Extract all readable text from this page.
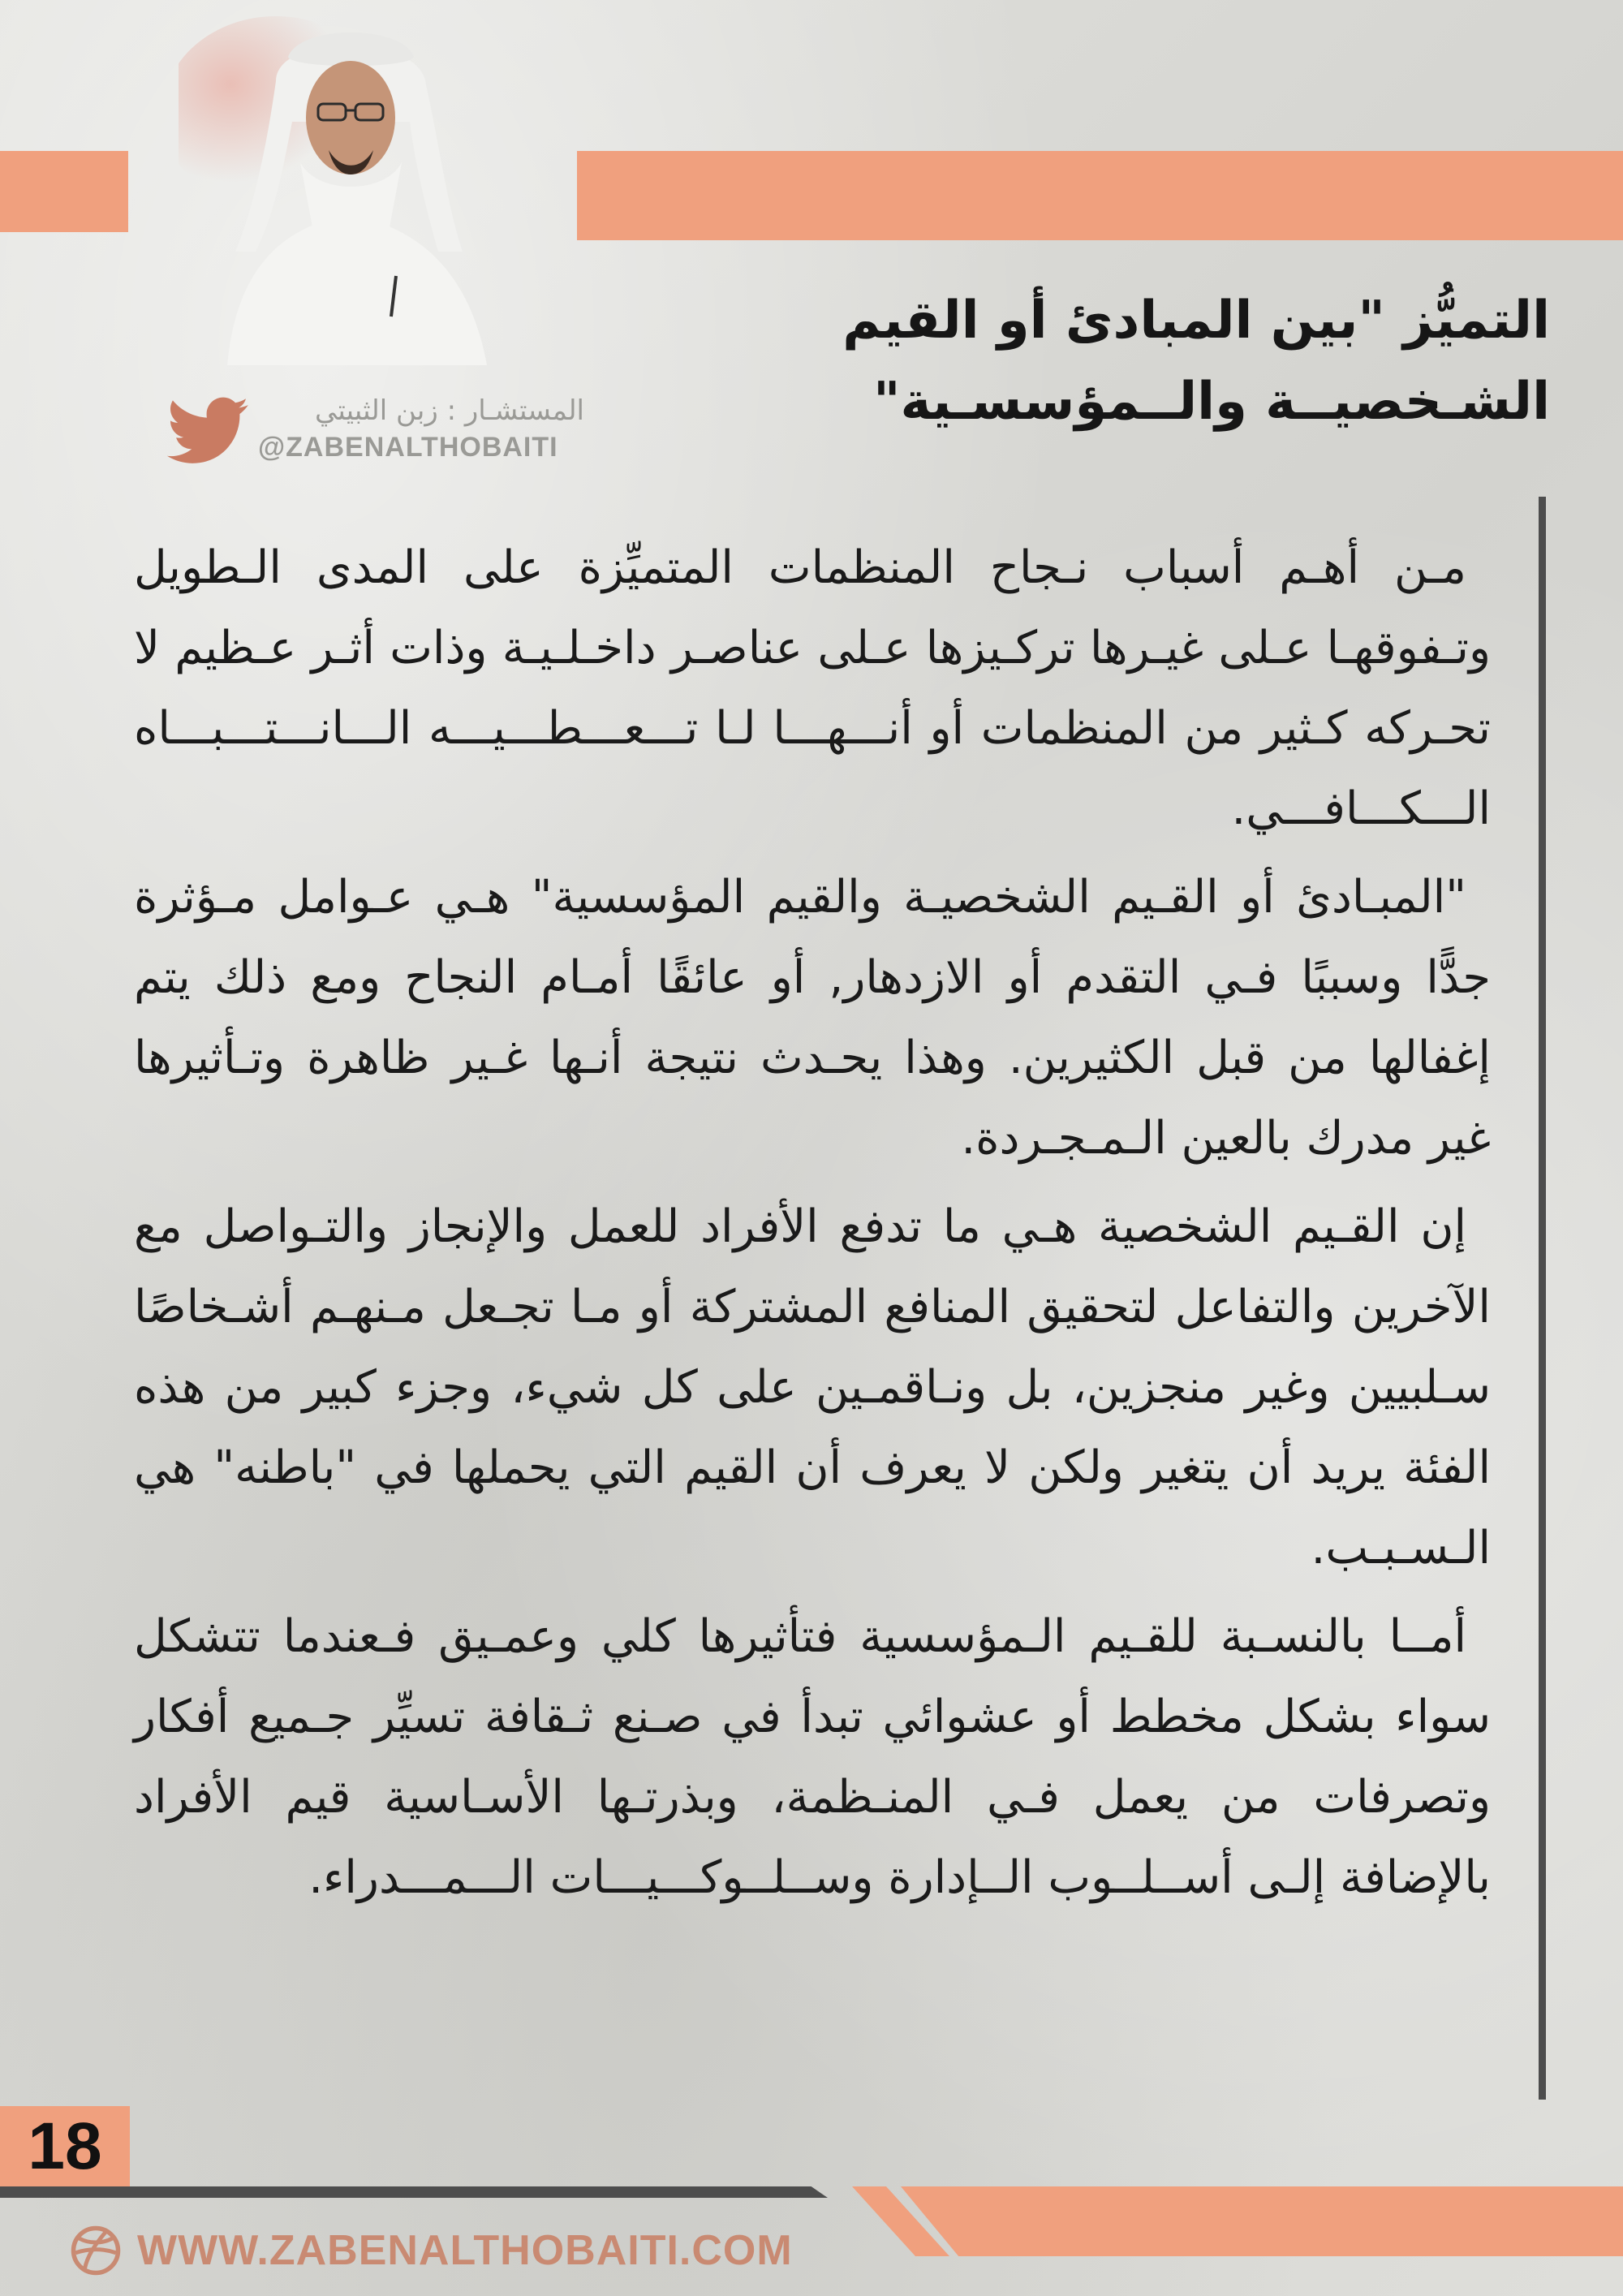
المستشـار : زبن الثبيتي
@ZABENALTHOBAITI
التميُّز "بين المبادئ أو القيم
الشـخصيــة والــمؤسسـية"

مـن أهـم أسباب نـجاح المنظمات المتميِّزة على المدى الـطويل وتـفوقهـا عـلى غيـرها تركـيزها عـلى عناصـر داخـلـيـة وذات أثـر عـظيم لا تحـركه كـثير من المنظمات أو أنـــهـــا لـا تـــعـــطـــيـــه الـــانـــتـــبـــاه الـــكـــافـــي.

"المبـادئ أو القـيم الشخصيـة والقيم المؤسسية" هـي عـوامل مـؤثرة جدًّا وسببًا فـي التقدم أو الازدهار, أو عائقًا أمـام النجاح ومع ذلك يتم إغفالها من قبل الكثيرين. وهذا يحـدث نتيجة أنـها غـير ظاهرة وتـأثيرها غير مدرك بالعين الـمـجـردة.

إن القـيم الشخصية هـي ما تدفع الأفراد للعمل والإنجاز والتـواصل مع الآخرين والتفاعل لتحقيق المنافع المشتركة أو مـا تجـعل مـنهـم أشـخاصًا سـلبيين وغير منجزين، بل ونـاقمـين على كل شيء، وجزء كبير من هذه الفئة يريد أن يتغير ولكن لا يعرف أن القيم التي يحملها في "باطنه" هي الـسـبـب.

أمــا بالنسـبة للقـيم الـمؤسسية فتأثيرها كلي وعمـيق فـعندما تتشكل سواء بشكل مخطط أو عشوائي تبدأ في صـنع ثـقافة تسيِّر جـميع أفكار وتصرفات من يعمل فـي المنـظمة، وبذرتـها الأسـاسية قيم الأفراد بالإضافة إلـى أســلــوب الــإدارة وســلــوكـــيـــات الـــمـــدراء.

18
WWW.ZABENALTHOBAITI.COM
